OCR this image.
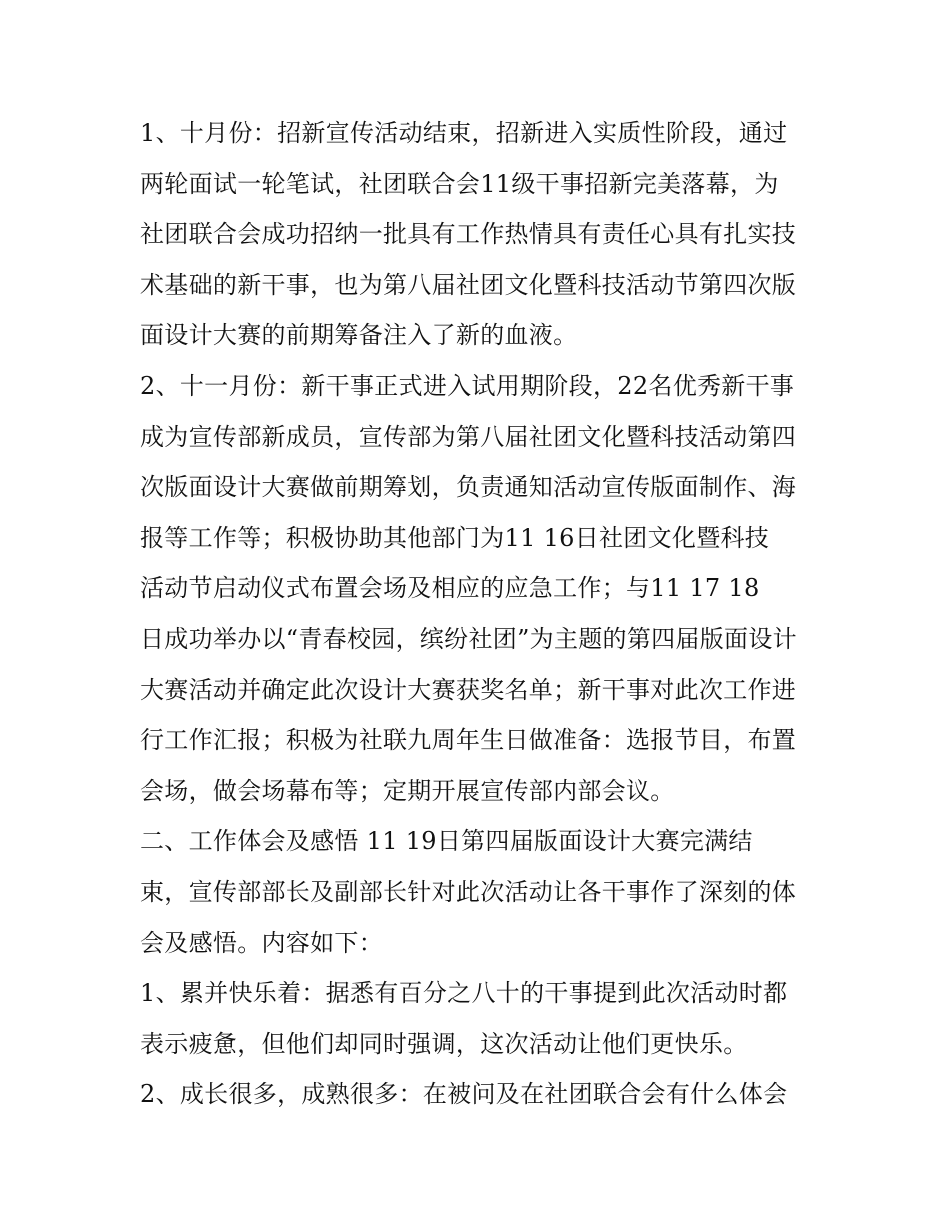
1、十月份：招新宣传活动结束，招新进入实质性阶段，通过
两轮面试一轮笔试，社团联合会11级干事招新完美落幕，为
社团联合会成功招纳一批具有工作热情具有责任心具有扎实技
术基础的新干事，也为第八届社团文化暨科技活动节第四次版
面设计大赛的前期筹备注入了新的血液。
2、十一月份：新干事正式进入试用期阶段，22名优秀新干事
成为宣传部新成员，宣传部为第八届社团文化暨科技活动第四
次版面设计大赛做前期筹划，负责通知活动宣传版面制作、海
报等工作等；积极协助其他部门为11 16日社团文化暨科技
活动节启动仪式布置会场及相应的应急工作；与11 17 18
日成功举办以“青春校园，缤纷社团”为主题的第四届版面设计
大赛活动并确定此次设计大赛获奖名单；新干事对此次工作进
行工作汇报；积极为社联九周年生日做准备：选报节目，布置
会场，做会场幕布等；定期开展宣传部内部会议。
二、工作体会及感悟 11 19日第四届版面设计大赛完满结
束，宣传部部长及副部长针对此次活动让各干事作了深刻的体
会及感悟。内容如下：
1、累并快乐着：据悉有百分之八十的干事提到此次活动时都
表示疲惫，但他们却同时强调，这次活动让他们更快乐。
2、成长很多，成熟很多：在被问及在社团联合会有什么体会
